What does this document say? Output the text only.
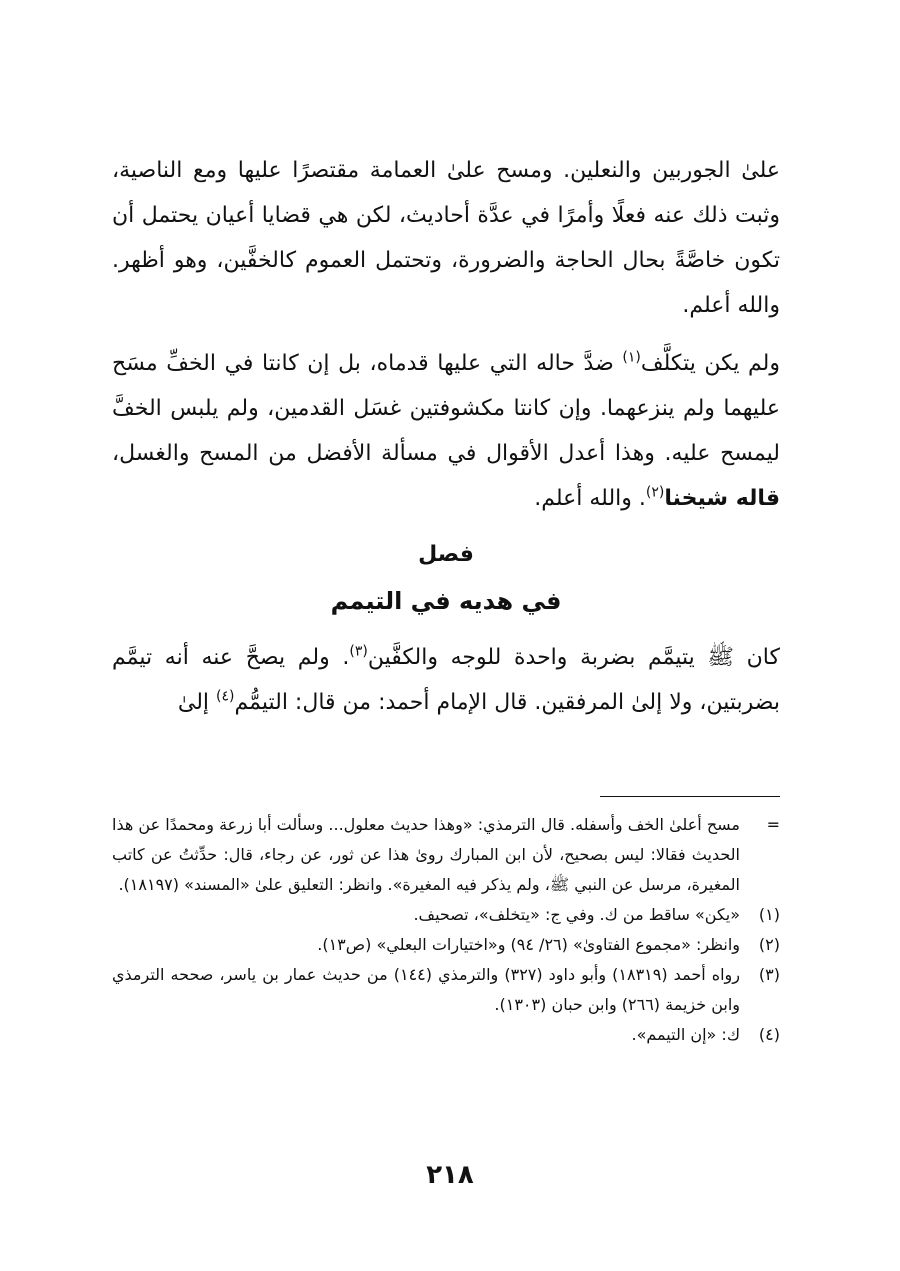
علىٰ الجوربين والنعلين. ومسح علىٰ العمامة مقتصرًا عليها ومع الناصية، وثبت ذلك عنه فعلًا وأمرًا في عدَّة أحاديث، لكن هي قضايا أعيان يحتمل أن تكون خاصَّةً بحال الحاجة والضرورة، وتحتمل العموم كالخفَّين، وهو أظهر. والله أعلم.

ولم يكن يتكلَّف$^{(١)}$ ضدَّ حاله التي عليها قدماه، بل إن كانتا في الخفِّ مسَح عليهما ولم ينزعهما. وإن كانتا مكشوفتين غسَل القدمين، ولم يلبس الخفَّ ليمسح عليه. وهذا أعدل الأقوال في مسألة الأفضل من المسح والغسل، قاله شيخنا$^{(٢)}$. والله أعلم.

فصل
في هديه في التيمم

كان ﷺ يتيمَّم بضربة واحدة للوجه والكفَّين$^{(٣)}$. ولم يصحَّ عنه أنه تيمَّم بضربتين، ولا إلىٰ المرفقين. قال الإمام أحمد: من قال: التيمُّم$^{(٤)}$ إلىٰ

=
مسح أعلىٰ الخف وأسفله. قال الترمذي: «وهذا حديث معلول... وسألت أبا زرعة ومحمدًا عن هذا الحديث فقالا: ليس بصحيح، لأن ابن المبارك روىٰ هذا عن ثور، عن رجاء، قال: حدِّثتُ عن كاتب المغيرة، مرسل عن النبي ﷺ، ولم يذكر فيه المغيرة». وانظر: التعليق علىٰ «المسند» (١٨١٩٧).
(١)
«يكن» ساقط من ك. وفي ج: «يتخلف»، تصحيف.
(٢)
وانظر: «مجموع الفتاوىٰ» (٢٦/ ٩٤) و«اختيارات البعلي» (ص١٣).
(٣)
رواه أحمد (١٨٣١٩) وأبو داود (٣٢٧) والترمذي (١٤٤) من حديث عمار بن ياسر، صححه الترمذي وابن خزيمة (٢٦٦) وابن حبان (١٣٠٣).
(٤)
ك: «إن التيمم».
٢١٨
